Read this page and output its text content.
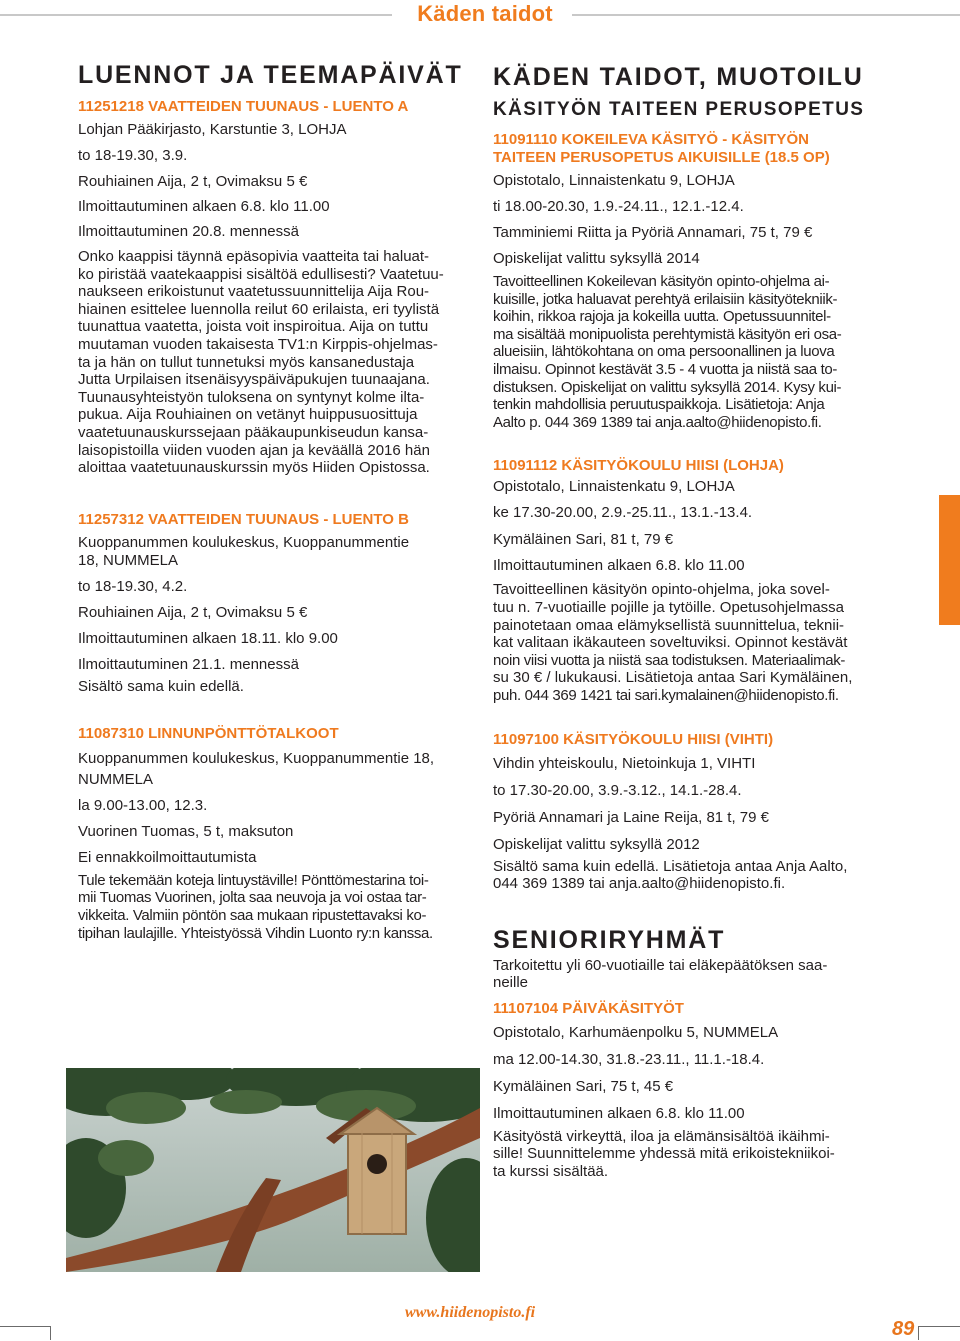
Käden taidot
LUENNOT JA TEEMAPÄIVÄT
11251218 VAATTEIDEN TUUNAUS - LUENTO A
Lohjan Pääkirjasto, Karstuntie 3, LOHJA
to 18-19.30, 3.9.
Rouhiainen Aija, 2 t, Ovimaksu 5 €
Ilmoittautuminen alkaen 6.8. klo 11.00
Ilmoittautuminen 20.8. mennessä
Onko kaappisi täynnä epäsopivia vaatteita tai haluat-
ko piristää vaatekaappisi sisältöä edullisesti? Vaatetuu-
naukseen erikoistunut vaatetussuunnittelija Aija Rou-
hiainen esittelee luennolla reilut 60 erilaista, eri tyylistä
tuunattua vaatetta, joista voit inspiroitua. Aija on tuttu
muutaman vuoden takaisesta TV1:n Kirppis-ohjelmas-
ta ja hän on tullut tunnetuksi myös kansanedustaja
Jutta Urpilaisen itsenäisyyspäiväpukujen tuunaajana.
Tuunausyhteistyön tuloksena on syntynyt kolme ilta-
pukua. Aija Rouhiainen on vetänyt huippusuosittuja
vaatetuunauskurssejaan pääkaupunkiseudun kansa-
laisopistoilla viiden vuoden ajan ja keväällä 2016 hän
aloittaa vaatetuunauskurssin myös Hiiden Opistossa.
11257312 VAATTEIDEN TUUNAUS - LUENTO B
Kuoppanummen koulukeskus, Kuoppanummentie
18, NUMMELA
to 18-19.30, 4.2.
Rouhiainen Aija, 2 t, Ovimaksu 5 €
Ilmoittautuminen alkaen 18.11. klo 9.00
Ilmoittautuminen 21.1. mennessä
Sisältö sama kuin edellä.
11087310 LINNUNPÖNTTÖTALKOOT
Kuoppanummen koulukeskus, Kuoppanummentie 18,
NUMMELA
la 9.00-13.00, 12.3.
Vuorinen Tuomas, 5 t, maksuton
Ei ennakkoilmoittautumista
Tule tekemään koteja lintuystäville! Pönttömestarina toi-
mii Tuomas Vuorinen, jolta saa neuvoja ja voi ostaa tar-
vikkeita. Valmiin pöntön saa mukaan ripustettavaksi ko-
tipihan laulajille. Yhteistyössä Vihdin Luonto ry:n kanssa.
KÄDEN TAIDOT, MUOTOILU
KÄSITYÖN TAITEEN PERUSOPETUS
11091110 KOKEILEVA KÄSITYÖ - KÄSITYÖN
TAITEEN PERUSOPETUS AIKUISILLE (18.5 OP)
Opistotalo, Linnaistenkatu 9, LOHJA
ti 18.00-20.30, 1.9.-24.11., 12.1.-12.4.
Tamminiemi Riitta ja Pyöriä Annamari, 75 t, 79 €
Opiskelijat valittu syksyllä 2014
Tavoitteellinen Kokeilevan käsityön opinto-ohjelma ai-
kuisille, jotka haluavat perehtyä erilaisiin käsityötekniik-
koihin, rikkoa rajoja ja kokeilla uutta. Opetussuunnitel-
ma sisältää monipuolista perehtymistä käsityön eri osa-
alueisiin, lähtökohtana on oma persoonallinen ja luova
ilmaisu. Opinnot kestävät 3.5 - 4 vuotta ja niistä saa to-
distuksen. Opiskelijat on valittu syksyllä 2014. Kysy kui-
tenkin mahdollisia peruutuspaikkoja. Lisätietoja: Anja
Aalto p. 044 369 1389 tai anja.aalto@hiidenopisto.fi.
11091112 KÄSITYÖKOULU HIISI (LOHJA)
Opistotalo, Linnaistenkatu 9, LOHJA
ke 17.30-20.00, 2.9.-25.11., 13.1.-13.4.
Kymäläinen Sari, 81 t, 79 €
Ilmoittautuminen alkaen 6.8. klo 11.00
Tavoitteellinen käsityön opinto-ohjelma, joka sovel-
tuu n. 7-vuotiaille pojille ja tytöille. Opetusohjelmassa
painotetaan omaa elämyksellistä suunnittelua, teknii-
kat valitaan ikäkauteen soveltuviksi. Opinnot kestävät
noin viisi vuotta ja niistä saa todistuksen. Materiaalimak-
su 30 € / lukukausi. Lisätietoja antaa Sari Kymäläinen,
puh. 044 369 1421 tai sari.kymalainen@hiidenopisto.fi.
11097100 KÄSITYÖKOULU HIISI (VIHTI)
Vihdin yhteiskoulu, Nietoinkuja 1, VIHTI
to 17.30-20.00, 3.9.-3.12., 14.1.-28.4.
Pyöriä Annamari ja Laine Reija, 81 t, 79 €
Opiskelijat valittu syksyllä 2012
Sisältö sama kuin edellä. Lisätietoja antaa Anja Aalto,
044 369 1389 tai anja.aalto@hiidenopisto.fi.
SENIORIRYHMÄT
Tarkoitettu yli 60-vuotiaille tai eläkepäätöksen saa-
neille
11107104 PÄIVÄKÄSITYÖT
Opistotalo, Karhumäenpolku 5, NUMMELA
ma 12.00-14.30, 31.8.-23.11., 11.1.-18.4.
Kymäläinen Sari, 75 t, 45 €
Ilmoittautuminen alkaen 6.8. klo 11.00
Käsityöstä virkeyttä, iloa ja elämänsisältöä ikäihmi-
sille! Suunnittelemme yhdessä mitä erikoistekniikoi-
ta kurssi sisältää.
www.hiidenopisto.fi
89
